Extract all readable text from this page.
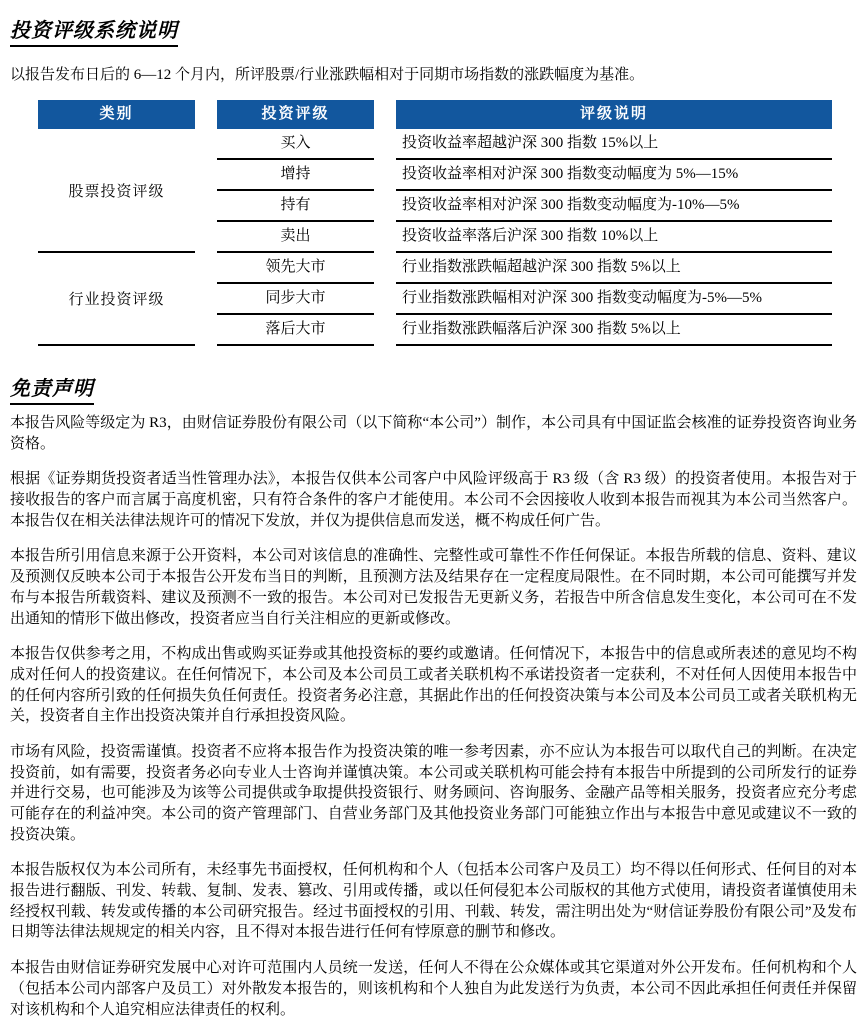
投资评级系统说明

以报告发布日后的 6—12 个月内，所评股票/行业涨跌幅相对于同期市场指数的涨跌幅度为基准。

类别	投资评级	评级说明
股票投资评级
买入	投资收益率超越沪深 300 指数 15%以上
增持	投资收益率相对沪深 300 指数变动幅度为 5%—15%
持有	投资收益率相对沪深 300 指数变动幅度为-10%—5%
卖出	投资收益率落后沪深 300 指数 10%以上
行业投资评级
领先大市	行业指数涨跌幅超越沪深 300 指数 5%以上
同步大市	行业指数涨跌幅相对沪深 300 指数变动幅度为-5%—5%
落后大市	行业指数涨跌幅落后沪深 300 指数 5%以上
免责声明

本报告风险等级定为 R3，由财信证券股份有限公司（以下简称“本公司”）制作，本公司具有中国证监会核准的证券投资咨询业务资格。

根据《证券期货投资者适当性管理办法》，本报告仅供本公司客户中风险评级高于 R3 级（含 R3 级）的投资者使用。本报告对于接收报告的客户而言属于高度机密，只有符合条件的客户才能使用。本公司不会因接收人收到本报告而视其为本公司当然客户。本报告仅在相关法律法规许可的情况下发放，并仅为提供信息而发送，概不构成任何广告。

本报告所引用信息来源于公开资料，本公司对该信息的准确性、完整性或可靠性不作任何保证。本报告所载的信息、资料、建议及预测仅反映本公司于本报告公开发布当日的判断，且预测方法及结果存在一定程度局限性。在不同时期，本公司可能撰写并发布与本报告所载资料、建议及预测不一致的报告。本公司对已发报告无更新义务，若报告中所含信息发生变化，本公司可在不发出通知的情形下做出修改，投资者应当自行关注相应的更新或修改。

本报告仅供参考之用，不构成出售或购买证券或其他投资标的要约或邀请。任何情况下，本报告中的信息或所表述的意见均不构成对任何人的投资建议。在任何情况下，本公司及本公司员工或者关联机构不承诺投资者一定获利，不对任何人因使用本报告中的任何内容所引致的任何损失负任何责任。投资者务必注意，其据此作出的任何投资决策与本公司及本公司员工或者关联机构无关，投资者自主作出投资决策并自行承担投资风险。

市场有风险，投资需谨慎。投资者不应将本报告作为投资决策的唯一参考因素，亦不应认为本报告可以取代自己的判断。在决定投资前，如有需要，投资者务必向专业人士咨询并谨慎决策。本公司或关联机构可能会持有本报告中所提到的公司所发行的证券并进行交易，也可能涉及为该等公司提供或争取提供投资银行、财务顾问、咨询服务、金融产品等相关服务，投资者应充分考虑可能存在的利益冲突。本公司的资产管理部门、自营业务部门及其他投资业务部门可能独立作出与本报告中意见或建议不一致的投资决策。

本报告版权仅为本公司所有，未经事先书面授权，任何机构和个人（包括本公司客户及员工）均不得以任何形式、任何目的对本报告进行翻版、刊发、转载、复制、发表、篡改、引用或传播，或以任何侵犯本公司版权的其他方式使用，请投资者谨慎使用未经授权刊载、转发或传播的本公司研究报告。经过书面授权的引用、刊载、转发，需注明出处为“财信证券股份有限公司”及发布日期等法律法规规定的相关内容，且不得对本报告进行任何有悖原意的删节和修改。

本报告由财信证券研究发展中心对许可范围内人员统一发送，任何人不得在公众媒体或其它渠道对外公开发布。任何机构和个人（包括本公司内部客户及员工）对外散发本报告的，则该机构和个人独自为此发送行为负责，本公司不因此承担任何责任并保留对该机构和个人追究相应法律责任的权利。
